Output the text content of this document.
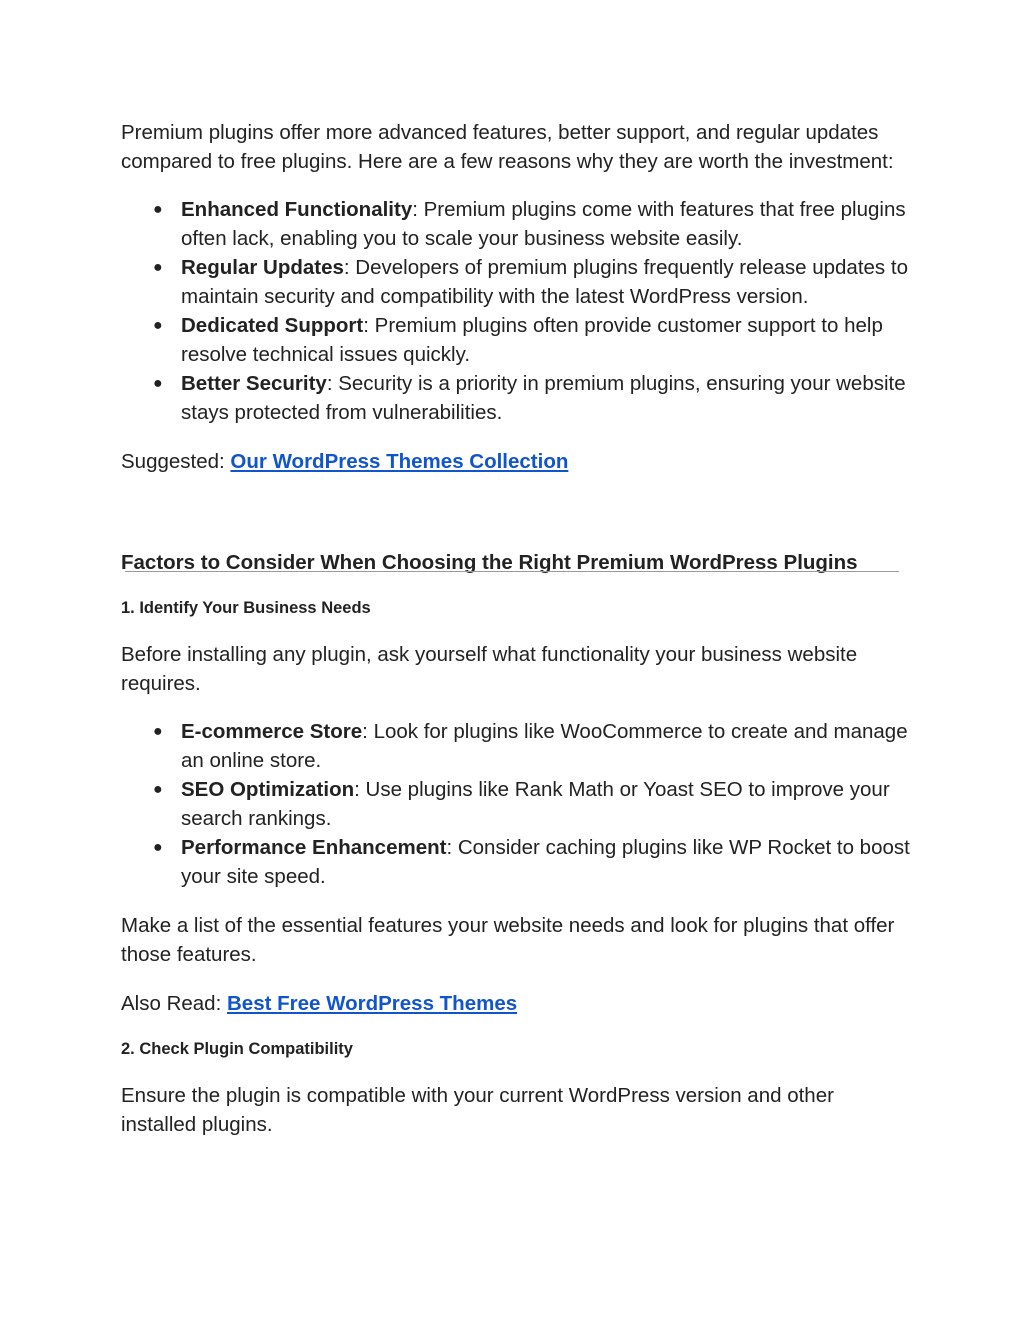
Premium plugins offer more advanced features, better support, and regular updates compared to free plugins. Here are a few reasons why they are worth the investment:

● Enhanced Functionality: Premium plugins come with features that free plugins often lack, enabling you to scale your business website easily.
● Regular Updates: Developers of premium plugins frequently release updates to maintain security and compatibility with the latest WordPress version.
● Dedicated Support: Premium plugins often provide customer support to help resolve technical issues quickly.
● Better Security: Security is a priority in premium plugins, ensuring your website stays protected from vulnerabilities.

Suggested: Our WordPress Themes Collection

Factors to Consider When Choosing the Right Premium WordPress Plugins

1. Identify Your Business Needs

Before installing any plugin, ask yourself what functionality your business website requires.

● E-commerce Store: Look for plugins like WooCommerce to create and manage an online store.
● SEO Optimization: Use plugins like Rank Math or Yoast SEO to improve your search rankings.
● Performance Enhancement: Consider caching plugins like WP Rocket to boost your site speed.

Make a list of the essential features your website needs and look for plugins that offer those features.

Also Read: Best Free WordPress Themes

2. Check Plugin Compatibility

Ensure the plugin is compatible with your current WordPress version and other installed plugins.
